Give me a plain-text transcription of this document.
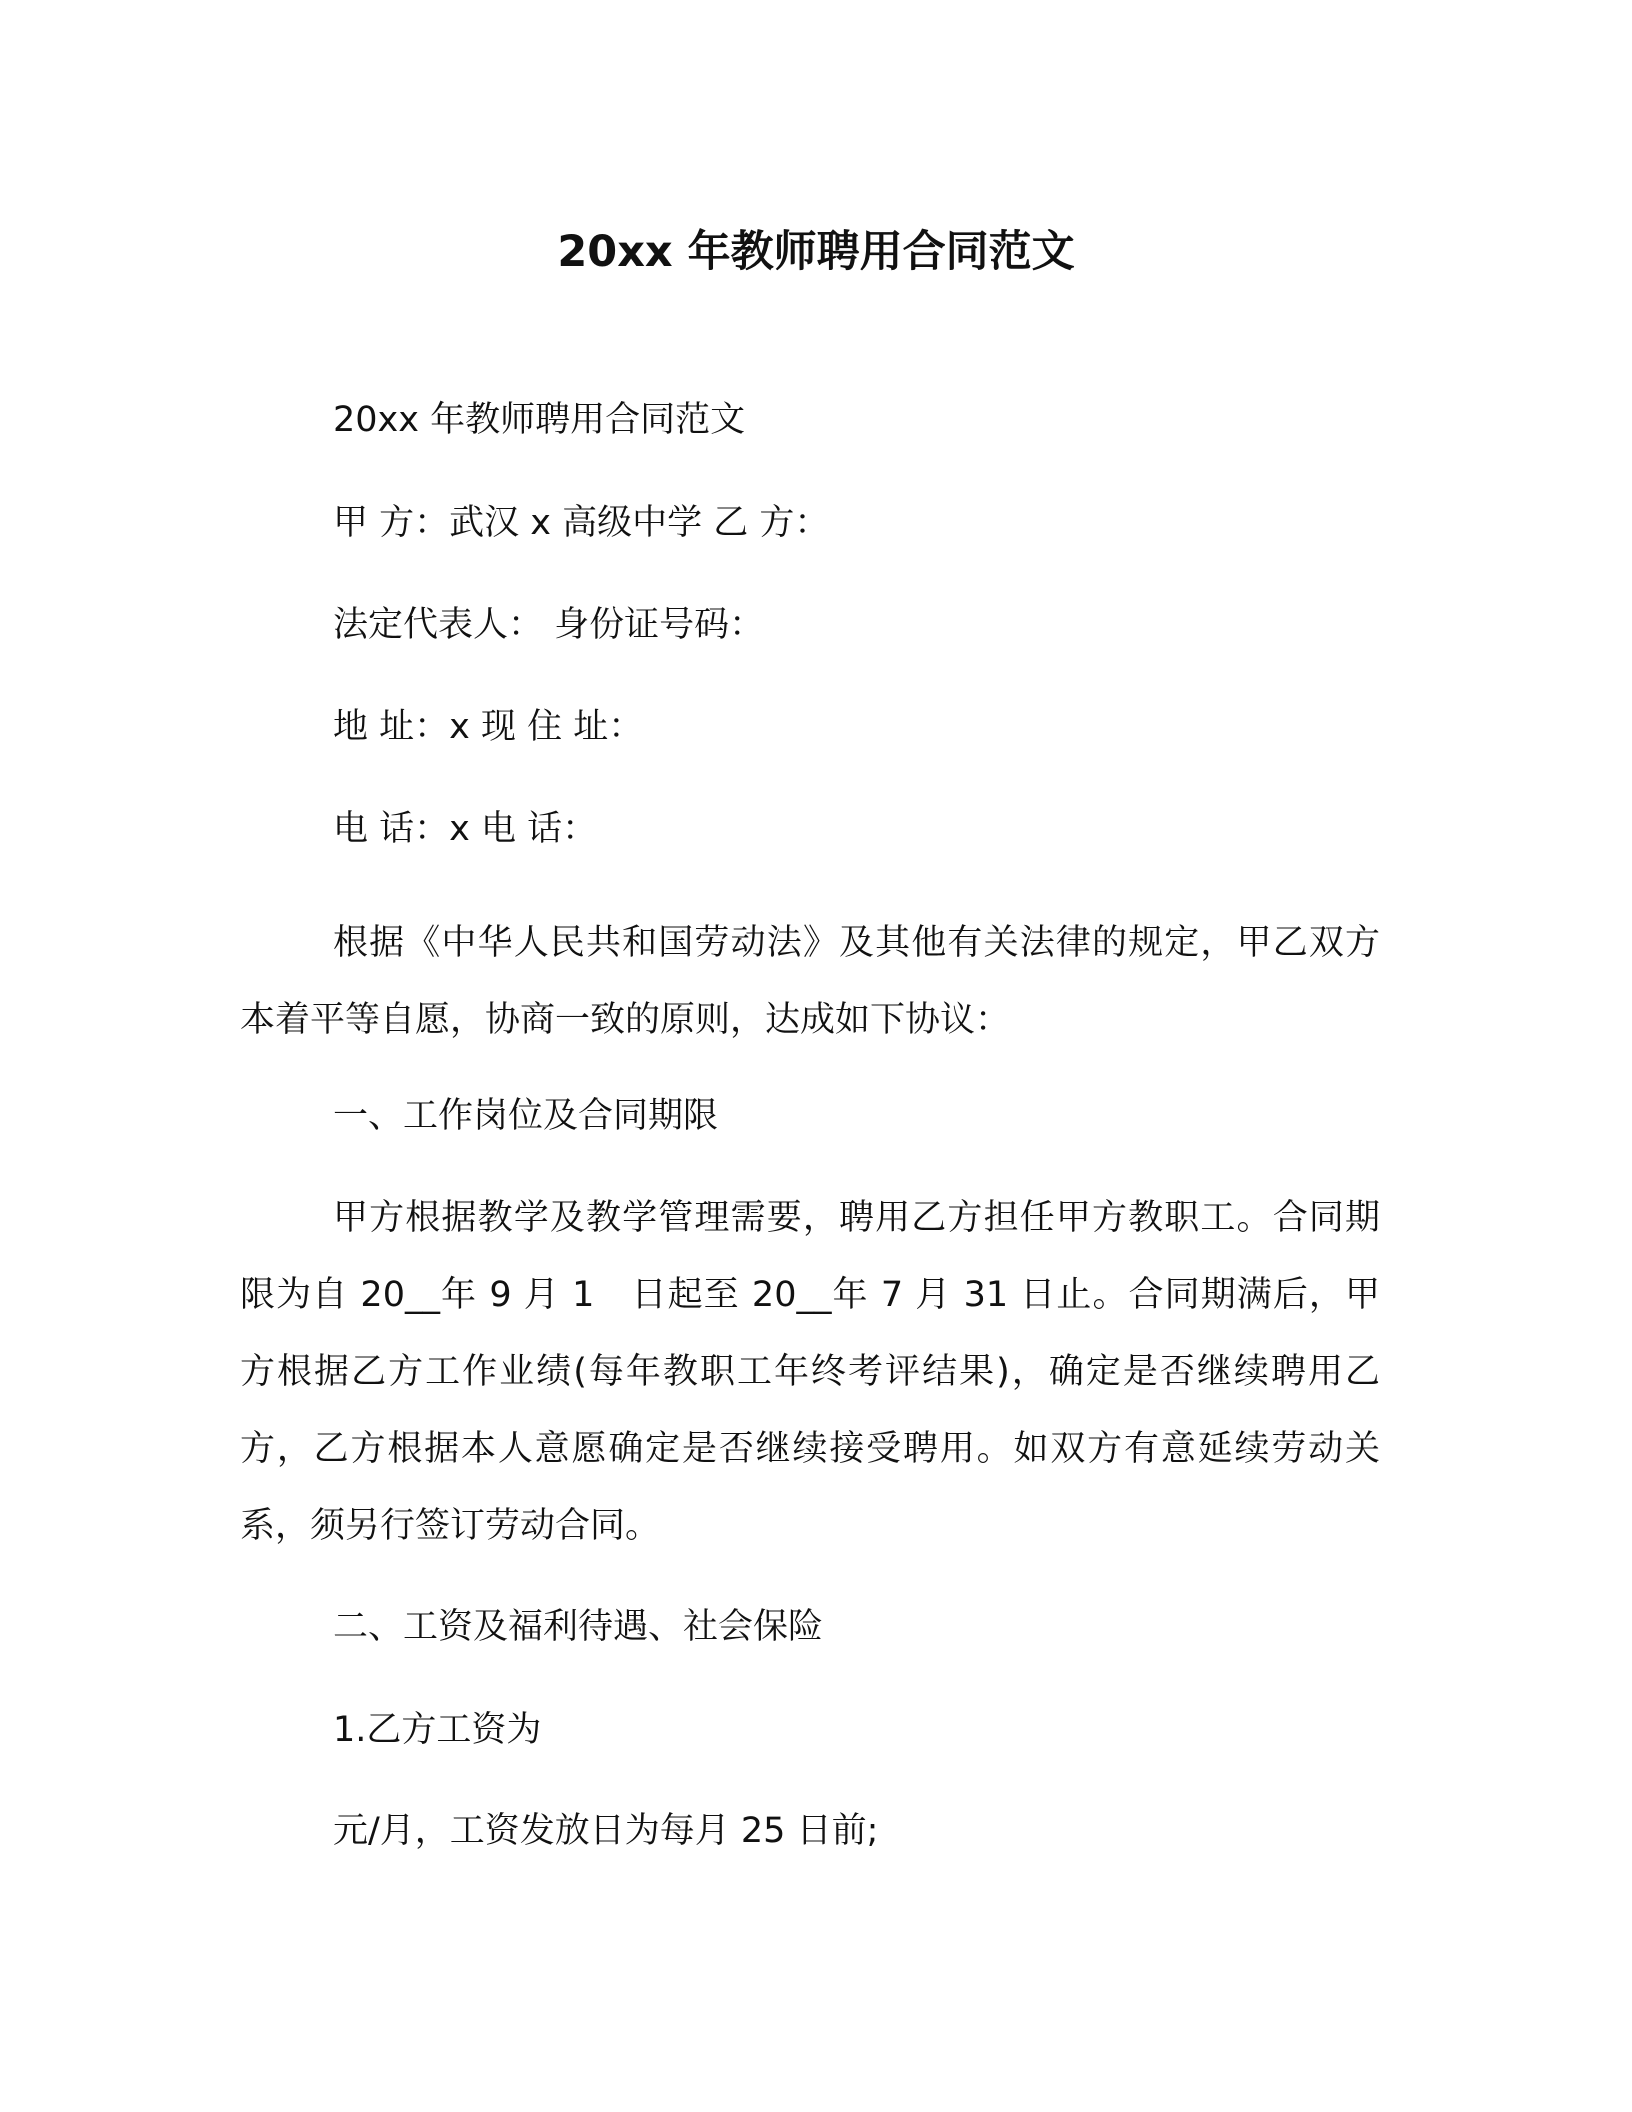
20xx 年教师聘用合同范文
20xx 年教师聘用合同范文
甲 方：武汉 x 高级中学 乙 方：
法定代表人： 身份证号码：
地 址：x 现 住 址：
电 话：x 电 话：
根据《中华人民共和国劳动法》及其他有关法律的规定，甲乙双方本着平等自愿，协商一致的原则，达成如下协议：
一、工作岗位及合同期限
甲方根据教学及教学管理需要，聘用乙方担任甲方教职工。合同期限为自 20__年 9 月 1　日起至 20__年 7 月 31 日止。合同期满后，甲方根据乙方工作业绩(每年教职工年终考评结果)，确定是否继续聘用乙方，乙方根据本人意愿确定是否继续接受聘用。如双方有意延续劳动关系，须另行签订劳动合同。
二、工资及福利待遇、社会保险
1.乙方工资为
元/月，工资发放日为每月 25 日前;
